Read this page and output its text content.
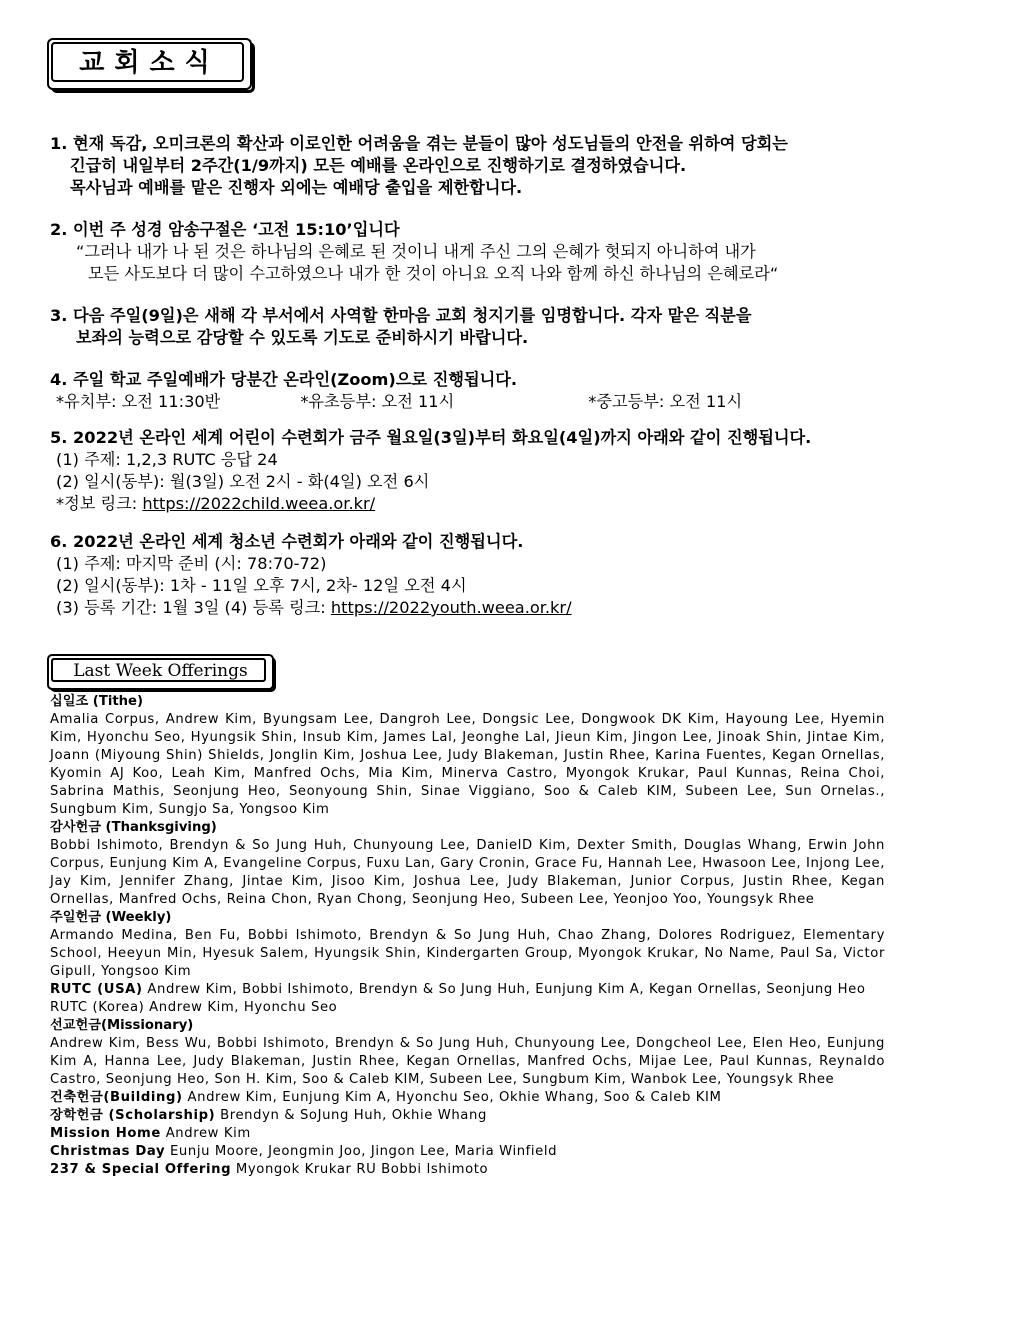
교회소식
1. 현재 독감, 오미크론의 확산과 이로인한 어려움을 겪는 분들이 많아 성도님들의 안전을 위하여 당회는
긴급히 내일부터 2주간(1/9까지) 모든 예배를 온라인으로 진행하기로 결정하였습니다.
목사님과 예배를 맡은 진행자 외에는 예배당 출입을 제한합니다.
2. 이번 주 성경 암송구절은 ‘고전 15:10’입니다
“그러나 내가 나 된 것은 하나님의 은혜로 된 것이니 내게 주신 그의 은혜가 헛되지 아니하여 내가
모든 사도보다 더 많이 수고하였으나 내가 한 것이 아니요 오직 나와 함께 하신 하나님의 은혜로라“
3. 다음 주일(9일)은 새해 각 부서에서 사역할 한마음 교회 청지기를 임명합니다. 각자 맡은 직분을
보좌의 능력으로 감당할 수 있도록 기도로 준비하시기 바랍니다.
4. 주일 학교 주일예배가 당분간 온라인(Zoom)으로 진행됩니다.
*유치부: 오전 11:30반	*유초등부: 오전 11시	*중고등부: 오전 11시
5. 2022년 온라인 세계 어린이 수련회가 금주 월요일(3일)부터 화요일(4일)까지 아래와 같이 진행됩니다.
(1) 주제: 1,2,3 RUTC 응답 24
(2) 일시(동부): 월(3일) 오전 2시 - 화(4일) 오전 6시
*정보 링크: https://2022child.weea.or.kr/
6. 2022년 온라인 세계 청소년 수련회가 아래와 같이 진행됩니다.
(1) 주제: 마지막 준비 (시: 78:70-72)
(2) 일시(동부): 1차 - 11일 오후 7시, 2차- 12일 오전 4시
(3) 등록 기간: 1월 3일 (4) 등록 링크: https://2022youth.weea.or.kr/
Last Week Offerings
십일조 (Tithe)
Amalia Corpus, Andrew Kim, Byungsam Lee, Dangroh Lee, Dongsic Lee, Dongwook DK Kim, Hayoung Lee, Hyemin Kim, Hyonchu Seo, Hyungsik Shin, Insub Kim, James Lal, Jeonghe Lal, Jieun Kim, Jingon Lee, Jinoak Shin, Jintae Kim, Joann (Miyoung Shin) Shields, Jonglin Kim, Joshua Lee, Judy Blakeman, Justin Rhee, Karina Fuentes, Kegan Ornellas, Kyomin AJ Koo, Leah Kim, Manfred Ochs, Mia Kim, Minerva Castro, Myongok Krukar, Paul Kunnas, Reina Choi, Sabrina Mathis, Seonjung Heo, Seonyoung Shin, Sinae Viggiano, Soo & Caleb KIM, Subeen Lee, Sun Ornelas., Sungbum Kim, Sungjo Sa, Yongsoo Kim
감사헌금 (Thanksgiving)
Bobbi Ishimoto, Brendyn & So Jung Huh, Chunyoung Lee, DanielD Kim, Dexter Smith, Douglas Whang, Erwin John Corpus, Eunjung Kim A, Evangeline Corpus, Fuxu Lan, Gary Cronin, Grace Fu, Hannah Lee, Hwasoon Lee, Injong Lee, Jay Kim, Jennifer Zhang, Jintae Kim, Jisoo Kim, Joshua Lee, Judy Blakeman, Junior Corpus, Justin Rhee, Kegan Ornellas, Manfred Ochs, Reina Chon, Ryan Chong, Seonjung Heo, Subeen Lee, Yeonjoo Yoo, Youngsyk Rhee
주일헌금 (Weekly)
Armando Medina, Ben Fu, Bobbi Ishimoto, Brendyn & So Jung Huh, Chao Zhang, Dolores Rodriguez, Elementary School, Heeyun Min, Hyesuk Salem, Hyungsik Shin, Kindergarten Group, Myongok Krukar, No Name, Paul Sa, Victor Gipull, Yongsoo Kim
RUTC (USA) Andrew Kim, Bobbi Ishimoto, Brendyn & So Jung Huh, Eunjung Kim A, Kegan Ornellas, Seonjung Heo
RUTC (Korea) Andrew Kim, Hyonchu Seo
선교헌금(Missionary)
Andrew Kim, Bess Wu, Bobbi Ishimoto, Brendyn & So Jung Huh, Chunyoung Lee, Dongcheol Lee, Elen Heo, Eunjung Kim A, Hanna Lee, Judy Blakeman, Justin Rhee, Kegan Ornellas, Manfred Ochs, Mijae Lee, Paul Kunnas, Reynaldo Castro, Seonjung Heo, Son H. Kim, Soo & Caleb KIM, Subeen Lee, Sungbum Kim, Wanbok Lee, Youngsyk Rhee
건축헌금(Building) Andrew Kim, Eunjung Kim A, Hyonchu Seo, Okhie Whang, Soo & Caleb KIM
장학헌금 (Scholarship) Brendyn & SoJung Huh, Okhie Whang
Mission Home Andrew Kim
Christmas Day Eunju Moore, Jeongmin Joo, Jingon Lee, Maria Winfield
237 & Special Offering Myongok Krukar RU Bobbi Ishimoto
